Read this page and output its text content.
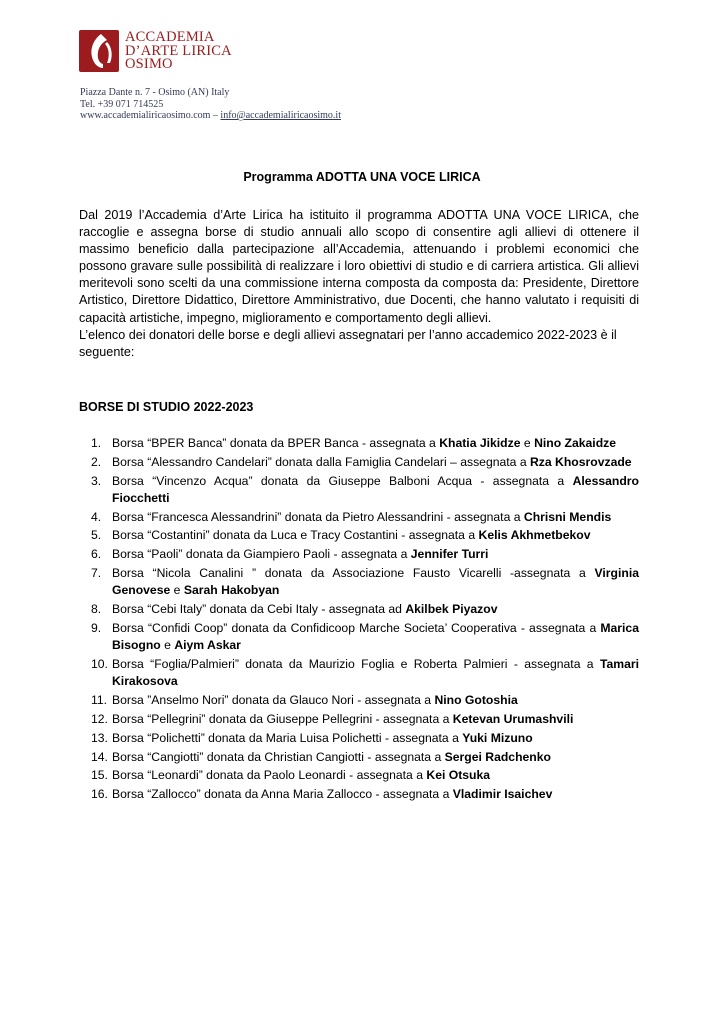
ACCADEMIA
D’ARTE LIRICA
OSIMO
Piazza Dante n. 7 - Osimo (AN) Italy
Tel. +39 071 714525
www.accademialiricaosimo.com – info@accademialiricaosimo.it
Programma ADOTTA UNA VOCE LIRICA

Dal 2019 l’Accademia d’Arte Lirica ha istituito il programma ADOTTA UNA VOCE LIRICA, che raccoglie e assegna borse di studio annuali allo scopo di consentire agli allievi di ottenere il massimo beneficio dalla partecipazione all’Accademia, attenuando i problemi economici che possono gravare sulle possibilità di realizzare i loro obiettivi di studio e di carriera artistica. Gli allievi meritevoli sono scelti da una commissione interna composta da composta da: Presidente, Direttore Artistico, Direttore Didattico, Direttore Amministrativo, due Docenti, che hanno valutato i requisiti di capacità artistiche, impegno, miglioramento e comportamento degli allievi.

L’elenco dei donatori delle borse e degli allievi assegnatari per l’anno accademico 2022-2023 è il seguente:

BORSE DI STUDIO 2022-2023
1. Borsa “BPER Banca” donata da BPER Banca - assegnata a Khatia Jikidze e Nino Zakaidze
2. Borsa “Alessandro Candelari” donata dalla Famiglia Candelari – assegnata a Rza Khosrovzade
3. Borsa “Vincenzo Acqua” donata da Giuseppe Balboni Acqua - assegnata a Alessandro Fiocchetti
4. Borsa “Francesca Alessandrini” donata da Pietro Alessandrini - assegnata a Chrisni Mendis
5. Borsa “Costantini” donata da Luca e Tracy Costantini - assegnata a Kelis Akhmetbekov
6. Borsa “Paoli” donata da Giampiero Paoli - assegnata a Jennifer Turri
7. Borsa “Nicola Canalini ” donata da Associazione Fausto Vicarelli -assegnata a Virginia Genovese e Sarah Hakobyan
8. Borsa “Cebi Italy” donata da Cebi Italy - assegnata ad Akilbek Piyazov
9. Borsa “Confidi Coop” donata da Confidicoop Marche Societa’ Cooperativa - assegnata a Marica Bisogno e Aiym Askar
10. Borsa “Foglia/Palmieri” donata da Maurizio Foglia e Roberta Palmieri - assegnata a Tamari Kirakosova
11. Borsa ”Anselmo Nori” donata da Glauco Nori - assegnata a Nino Gotoshia
12. Borsa “Pellegrini” donata da Giuseppe Pellegrini - assegnata a Ketevan Urumashvili
13. Borsa “Polichetti” donata da Maria Luisa Polichetti - assegnata a Yuki Mizuno
14. Borsa “Cangiotti” donata da Christian Cangiotti - assegnata a Sergei Radchenko
15. Borsa “Leonardi” donata da Paolo Leonardi - assegnata a Kei Otsuka
16. Borsa “Zallocco” donata da Anna Maria Zallocco - assegnata a Vladimir Isaichev
